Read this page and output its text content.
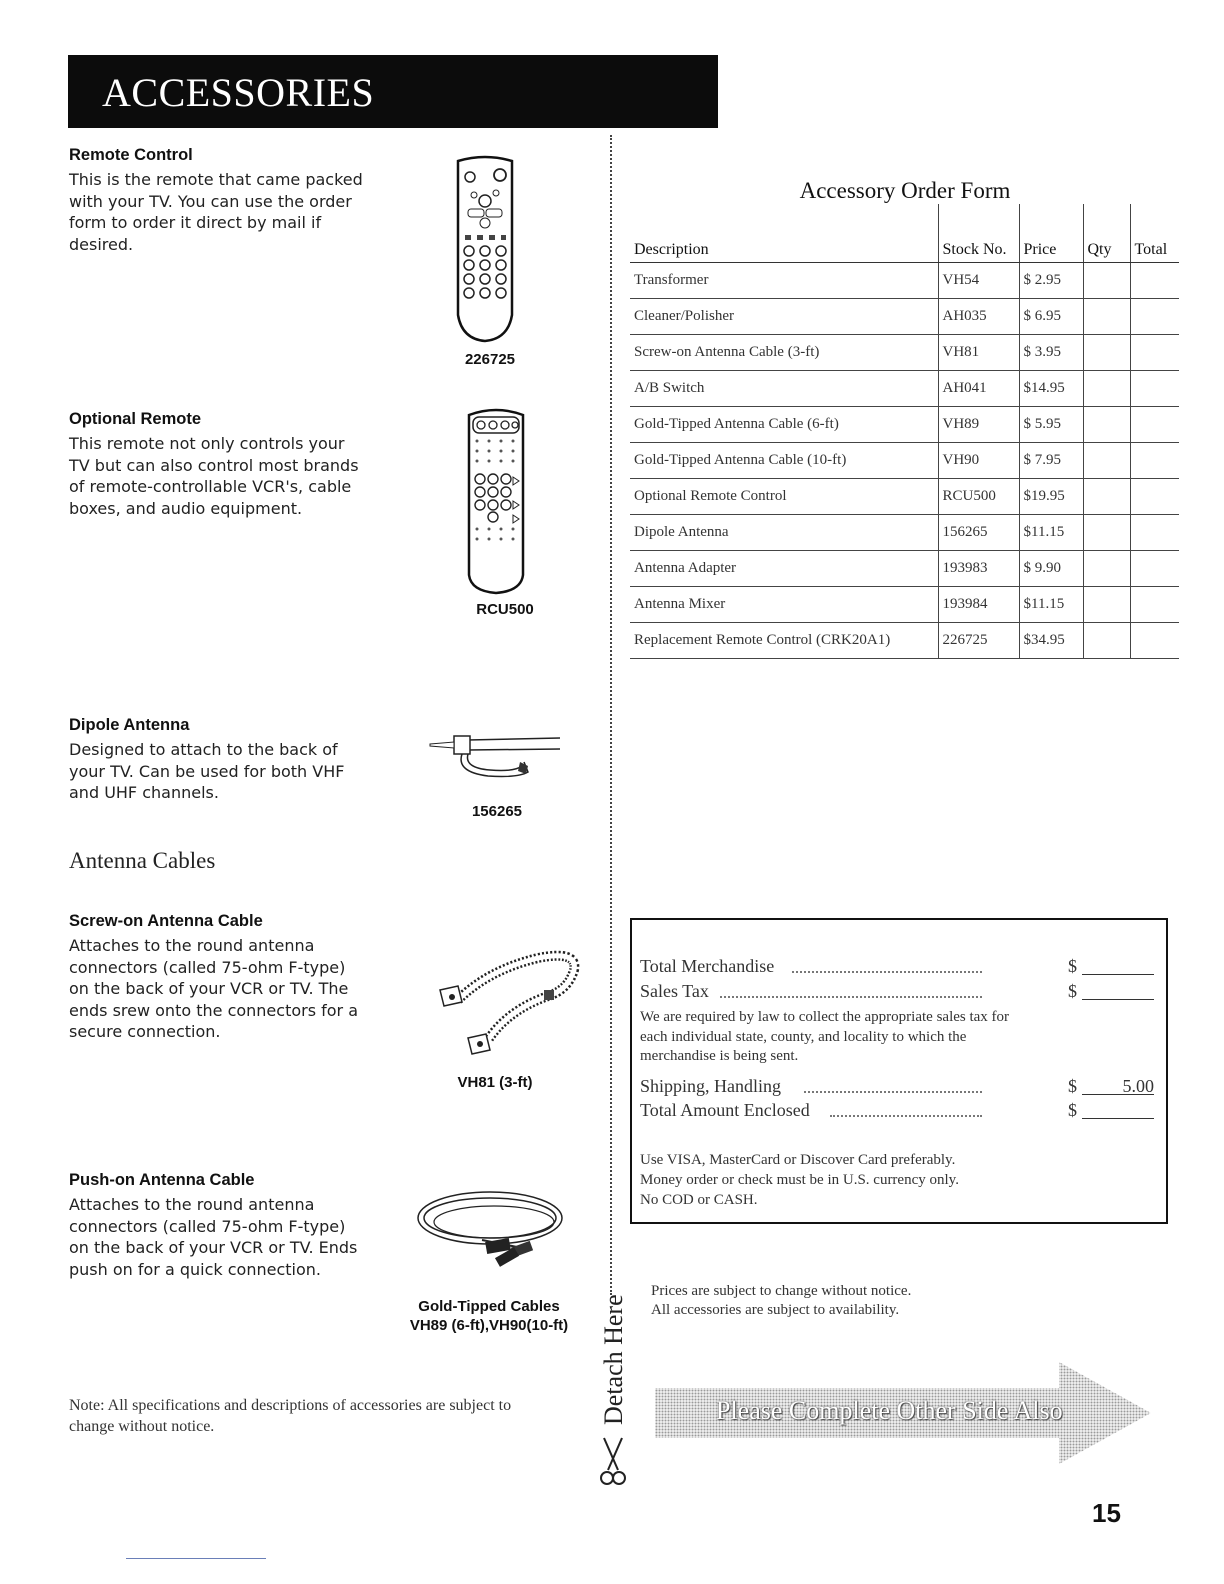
ACCESSORIES
Remote Control

This is the remote that came packed with your TV. You can use the order form to order it direct by mail if desired.

226725
Optional Remote

This remote not only controls your TV but can also control most brands of remote-controllable VCR's, cable boxes, and audio equipment.

RCU500
Dipole Antenna

Designed to attach to the back of your TV. Can be used for both VHF and UHF channels.

156265
Antenna Cables
Screw-on Antenna Cable

Attaches to the round antenna connectors (called 75-ohm F-type) on the back of your VCR or TV. The ends srew onto the connectors for a secure connection.

VH81 (3-ft)
Push-on Antenna Cable

Attaches to the round antenna connectors (called 75-ohm F-type) on the back of your VCR or TV. Ends push on for a quick connection.

Gold-Tipped Cables
VH89 (6-ft),VH90(10-ft)
Note: All specifications and descriptions of accessories are subject to change without notice.
Detach Here
Accessory Order Form
Description	Stock No.	Price	Qty	Total
Transformer	VH54	$ 2.95		
Cleaner/Polisher	AH035	$ 6.95		
Screw-on Antenna Cable (3-ft)	VH81	$ 3.95		
A/B Switch	AH041	$14.95		
Gold-Tipped Antenna Cable (6-ft)	VH89	$ 5.95		
Gold-Tipped Antenna Cable (10-ft)	VH90	$ 7.95		
Optional Remote Control	RCU500	$19.95		
Dipole Antenna	156265	$11.15		
Antenna Adapter	193983	$ 9.90		
Antenna Mixer	193984	$11.15		
Replacement Remote Control (CRK20A1)	226725	$34.95		
Total Merchandise	$
Sales Tax	$
We are required by law to collect the appropriate sales tax for each individual state, county, and locality to which the merchandise is being sent.
Shipping, Handling	$	5.00
Total Amount Enclosed	$
Use VISA, MasterCard or Discover Card preferably.
Money order or check must be in U.S. currency only.
No COD or CASH.
Prices are subject to change without notice.
All accessories are subject to availability.
Please Complete Other Side Also
15
